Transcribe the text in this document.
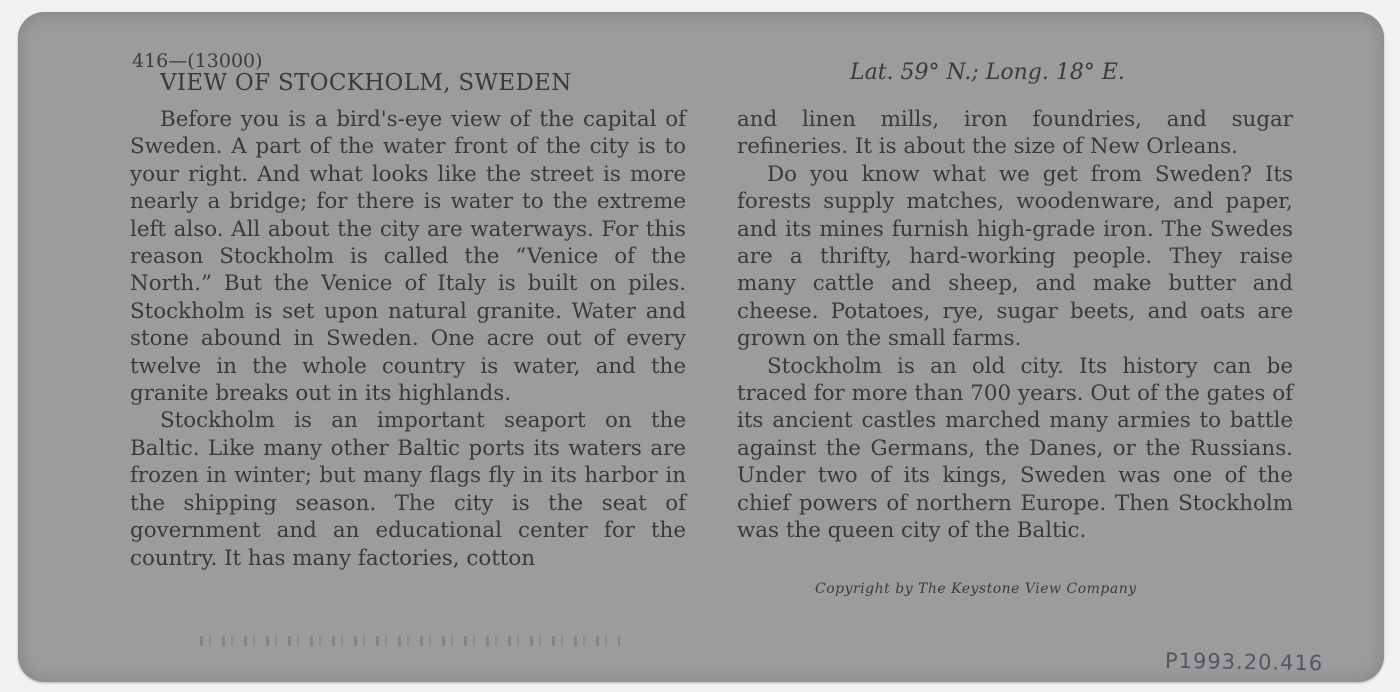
416—(13000)
VIEW OF STOCKHOLM, SWEDEN	Lat. 59° N.; Long. 18° E.

Before you is a bird's-eye view of the capital of Sweden. A part of the water front of the city is to your right. And what looks like the street is more nearly a bridge; for there is water to the extreme left also. All about the city are waterways. For this reason Stockholm is called the “Venice of the North.” But the Venice of Italy is built on piles. Stockholm is set upon natural granite. Water and stone abound in Sweden. One acre out of every twelve in the whole country is water, and the granite breaks out in its highlands.

Stockholm is an important seaport on the Baltic. Like many other Baltic ports its waters are frozen in winter; but many flags fly in its harbor in the shipping season. The city is the seat of government and an educational center for the country. It has many factories, cotton

and linen mills, iron foundries, and sugar refineries. It is about the size of New Orleans.

Do you know what we get from Sweden? Its forests supply matches, woodenware, and paper, and its mines furnish high-grade iron. The Swedes are a thrifty, hard-working people. They raise many cattle and sheep, and make butter and cheese. Potatoes, rye, sugar beets, and oats are grown on the small farms.

Stockholm is an old city. Its history can be traced for more than 700 years. Out of the gates of its ancient castles marched many armies to battle against the Germans, the Danes, or the Russians. Under two of its kings, Sweden was one of the chief powers of northern Europe. Then Stockholm was the queen city of the Baltic.

Copyright by The Keystone View Company
P1993.20.416
